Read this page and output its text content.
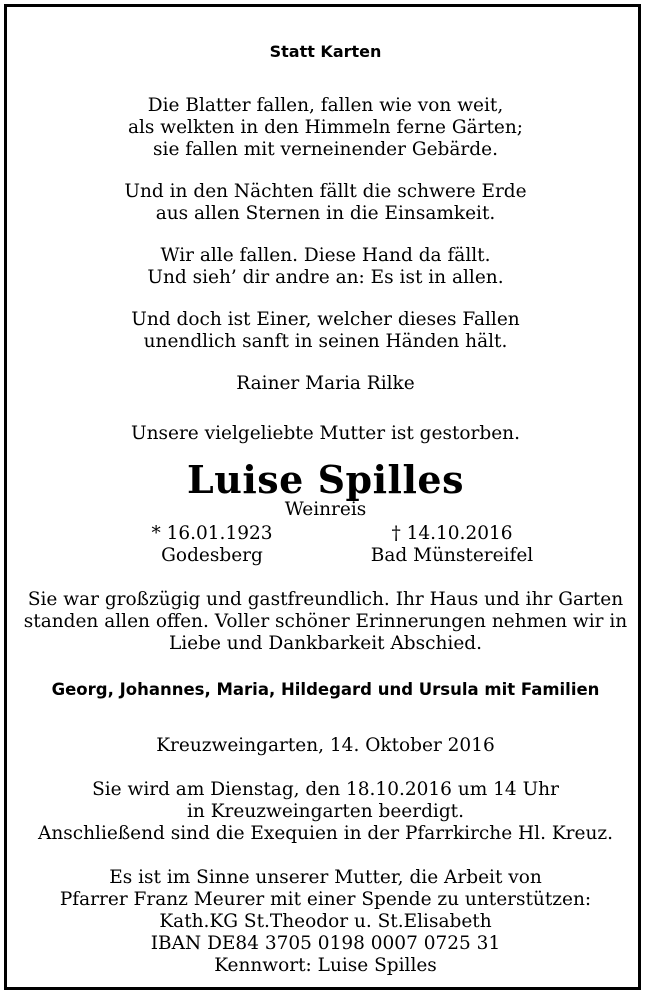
Statt Karten
Die Blatter fallen, fallen wie von weit,
als welkten in den Himmeln ferne Gärten;
sie fallen mit verneinender Gebärde.
Und in den Nächten fällt die schwere Erde
aus allen Sternen in die Einsamkeit.
Wir alle fallen. Diese Hand da fällt.
Und sieh’ dir andre an: Es ist in allen.
Und doch ist Einer, welcher dieses Fallen
unendlich sanft in seinen Händen hält.
Rainer Maria Rilke
Unsere vielgeliebte Mutter ist gestorben.
Luise Spilles
Weinreis
* 16.01.1923
Godesberg
† 14.10.2016
Bad Münstereifel
Sie war großzügig und gastfreundlich. Ihr Haus und ihr Garten
standen allen offen. Voller schöner Erinnerungen nehmen wir in
Liebe und Dankbarkeit Abschied.
Georg, Johannes, Maria, Hildegard und Ursula mit Familien
Kreuzweingarten, 14. Oktober 2016
Sie wird am Dienstag, den 18.10.2016 um 14 Uhr
in Kreuzweingarten beerdigt.
Anschließend sind die Exequien in der Pfarrkirche Hl. Kreuz.
Es ist im Sinne unserer Mutter, die Arbeit von
Pfarrer Franz Meurer mit einer Spende zu unterstützen:
Kath.KG St.Theodor u. St.Elisabeth
IBAN DE84 3705 0198 0007 0725 31
Kennwort: Luise Spilles
